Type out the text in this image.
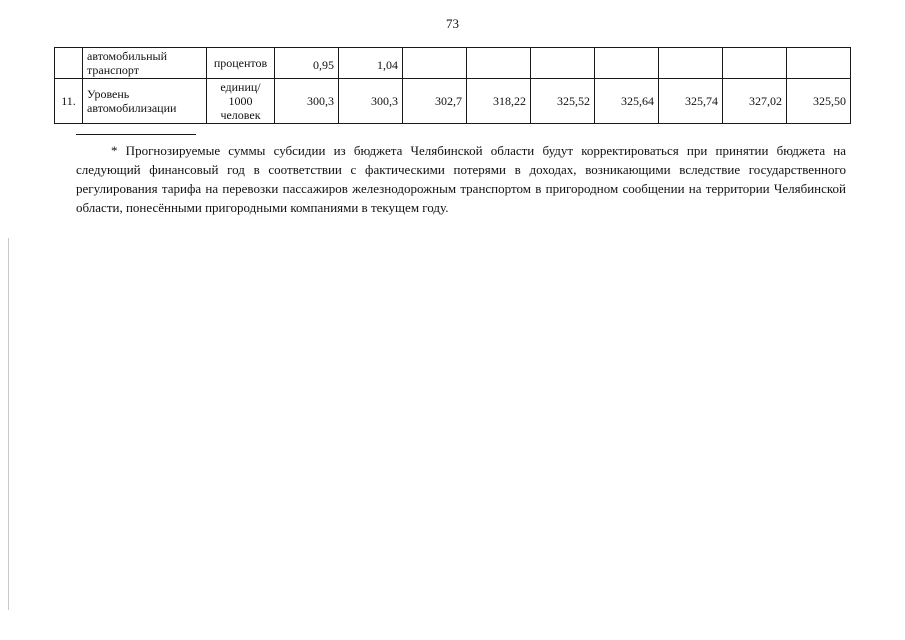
73
	автомобильный транспорт	процентов	0,95	1,04							
11.	Уровень автомобилизации	единиц/ 1000 человек	300,3	300,3	302,7	318,22	325,52	325,64	325,74	327,02	325,50

* Прогнозируемые суммы субсидии из бюджета Челябинской области будут корректироваться при принятии бюджета на следующий финансовый год в соответствии с фактическими потерями в доходах, возникающими вследствие государственного регулирования тарифа на перевозки пассажиров железнодорожным транспортом в пригородном сообщении на территории Челябинской области, понесёнными пригородными компаниями в текущем году.
